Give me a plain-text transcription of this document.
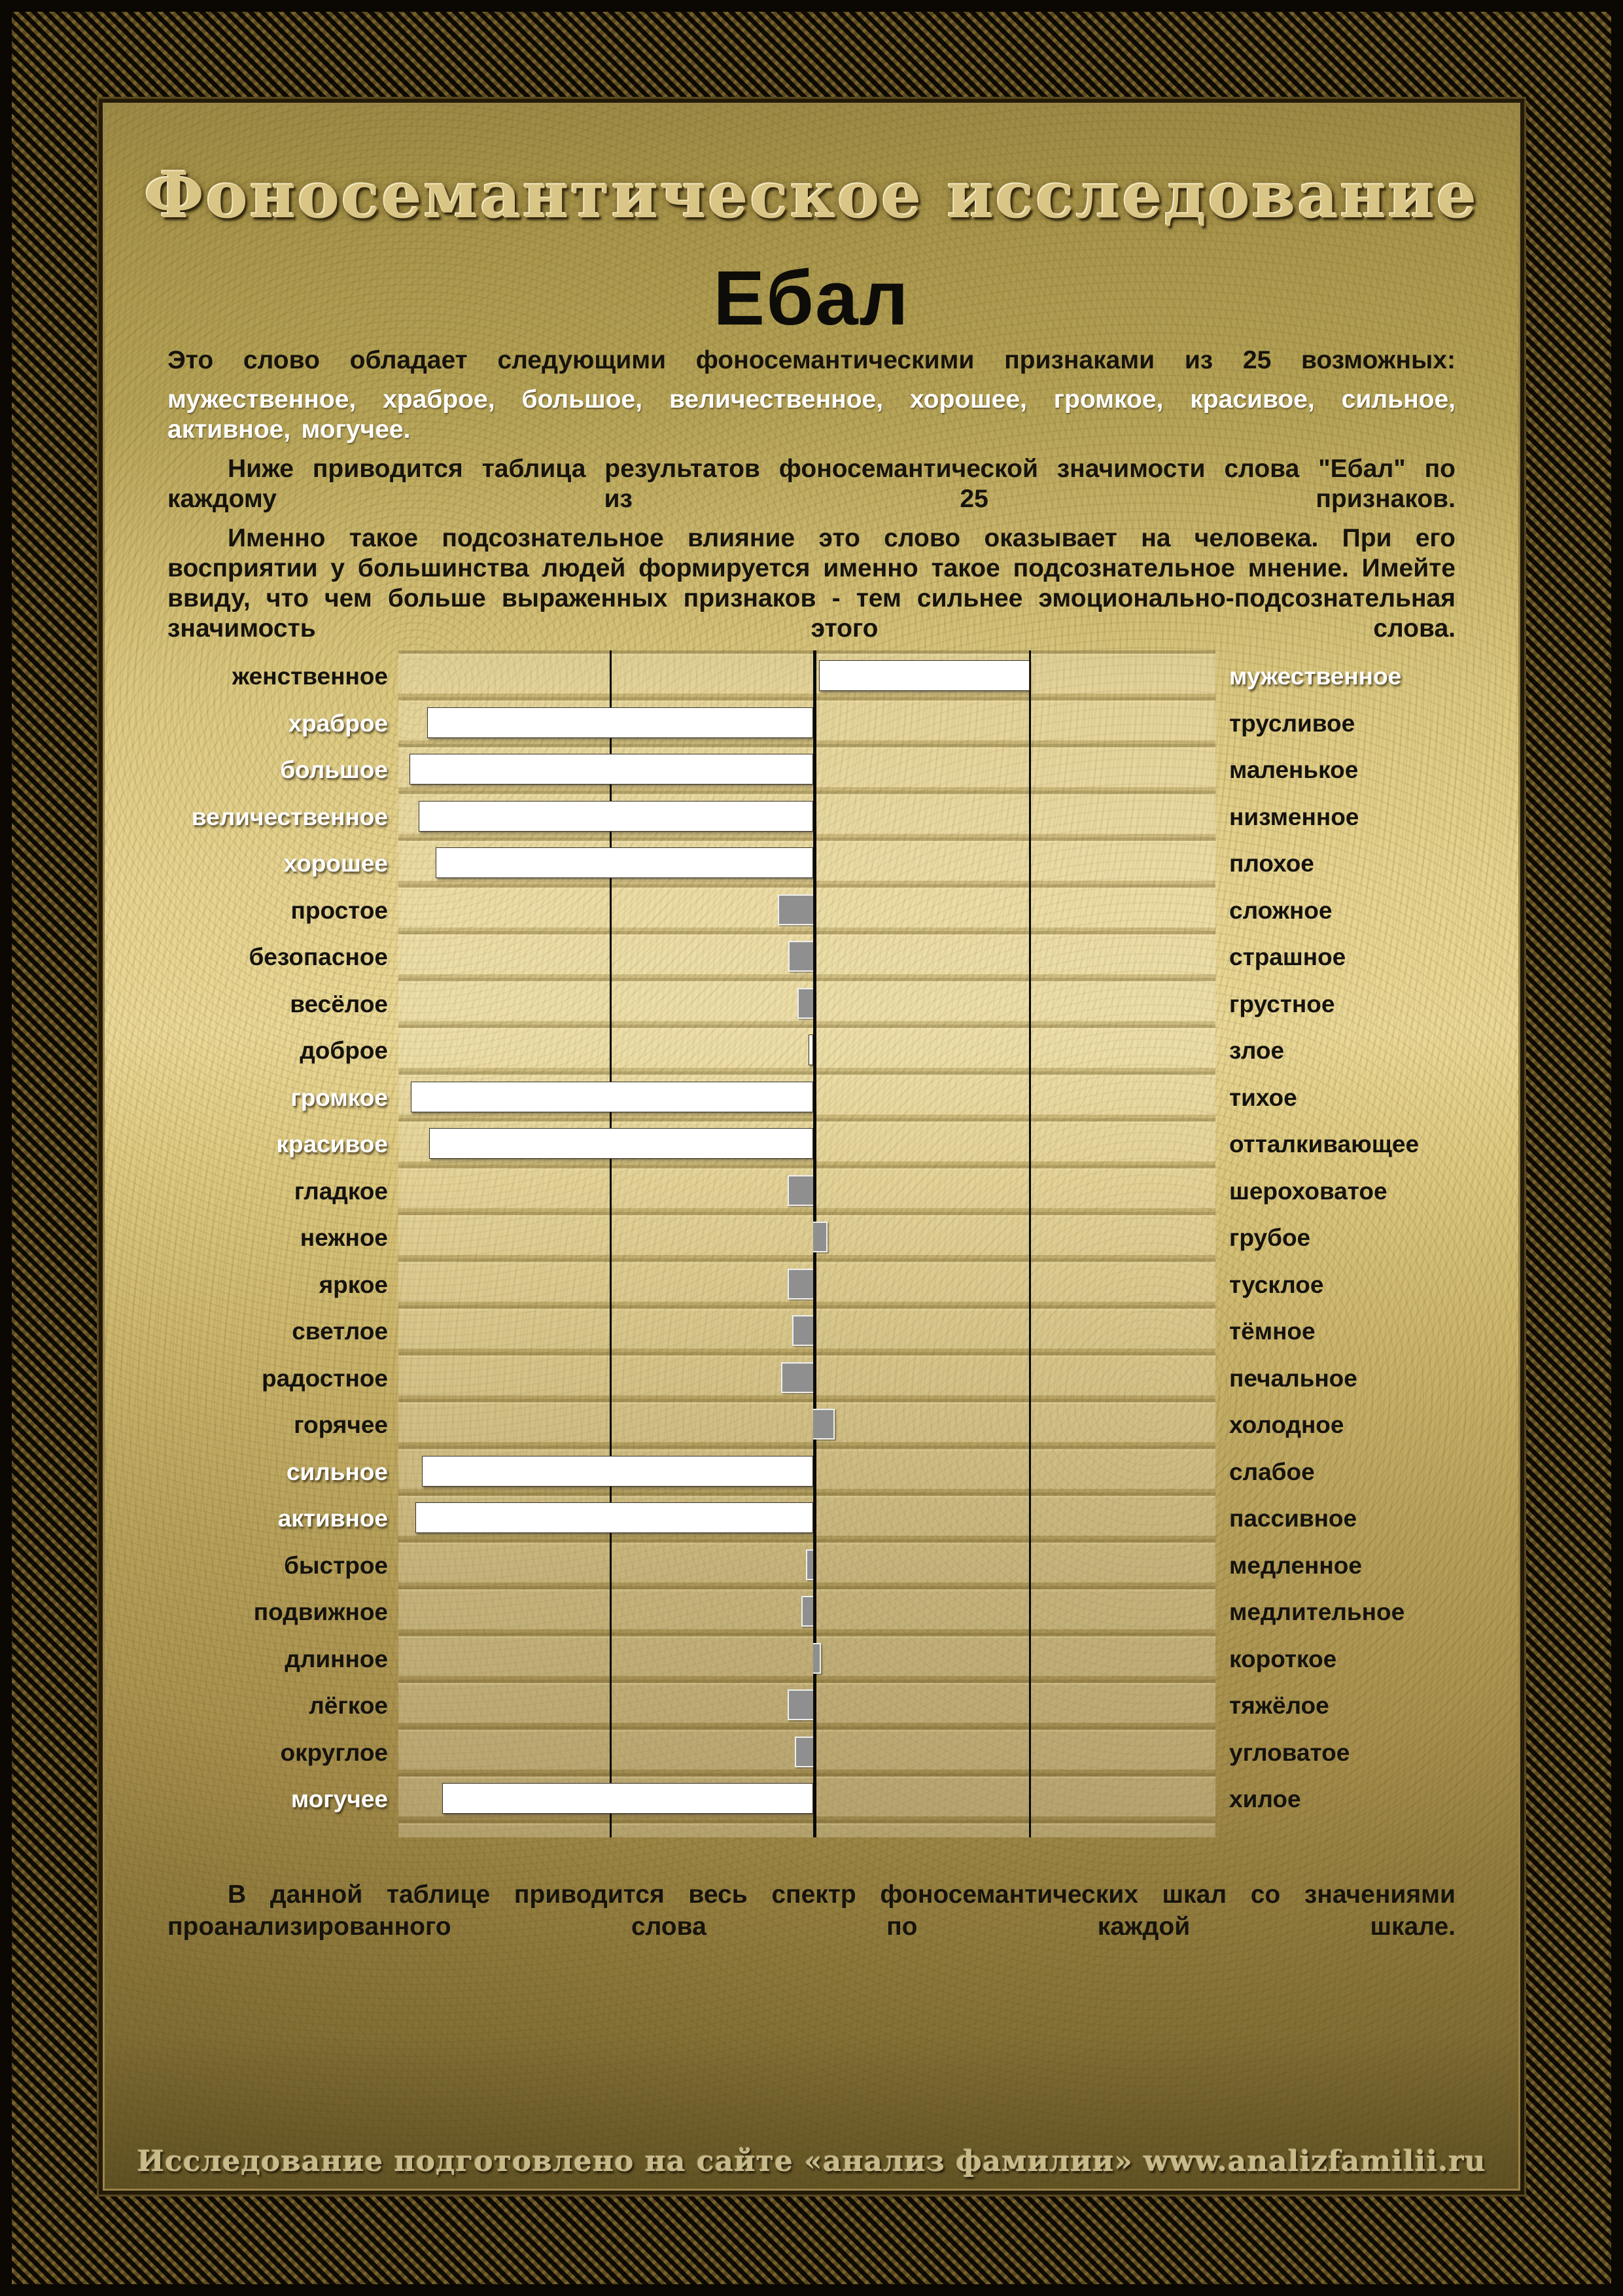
Фоносемантическое исследование
Ебал

Это слово обладает следующими фоносемантическими признаками из 25 возможных:

мужественное, храброе, большое, величественное, хорошее, громкое, красивое, сильное, активное, могучее.

Ниже приводится таблица результатов фоносемантической значимости слова "Ебал" по каждому из 25 признаков.

Именно такое подсознательное влияние это слово оказывает на человека. При его восприятии у большинства людей формируется именно такое подсознательное мнение. Имейте ввиду, что чем больше выраженных признаков - тем сильнее эмоционально-подсознательная значимость этого слова.

женственное	мужественное
храброе	трусливое
большое	маленькое
величественное	низменное
хорошее	плохое
простое	сложное
безопасное	страшное
весёлое	грустное
доброе	злое
громкое	тихое
красивое	отталкивающее
гладкое	шероховатое
нежное	грубое
яркое	тусклое
светлое	тёмное
радостное	печальное
горячее	холодное
сильное	слабое
активное	пассивное
быстрое	медленное
подвижное	медлительное
длинное	короткое
лёгкое	тяжёлое
округлое	угловатое
могучее	хилое

В данной таблице приводится весь спектр фоносемантических шкал со значениями проанализированного слова по каждой шкале.

Исследование подготовлено на сайте «анализ фамилии» www.analizfamilii.ru
